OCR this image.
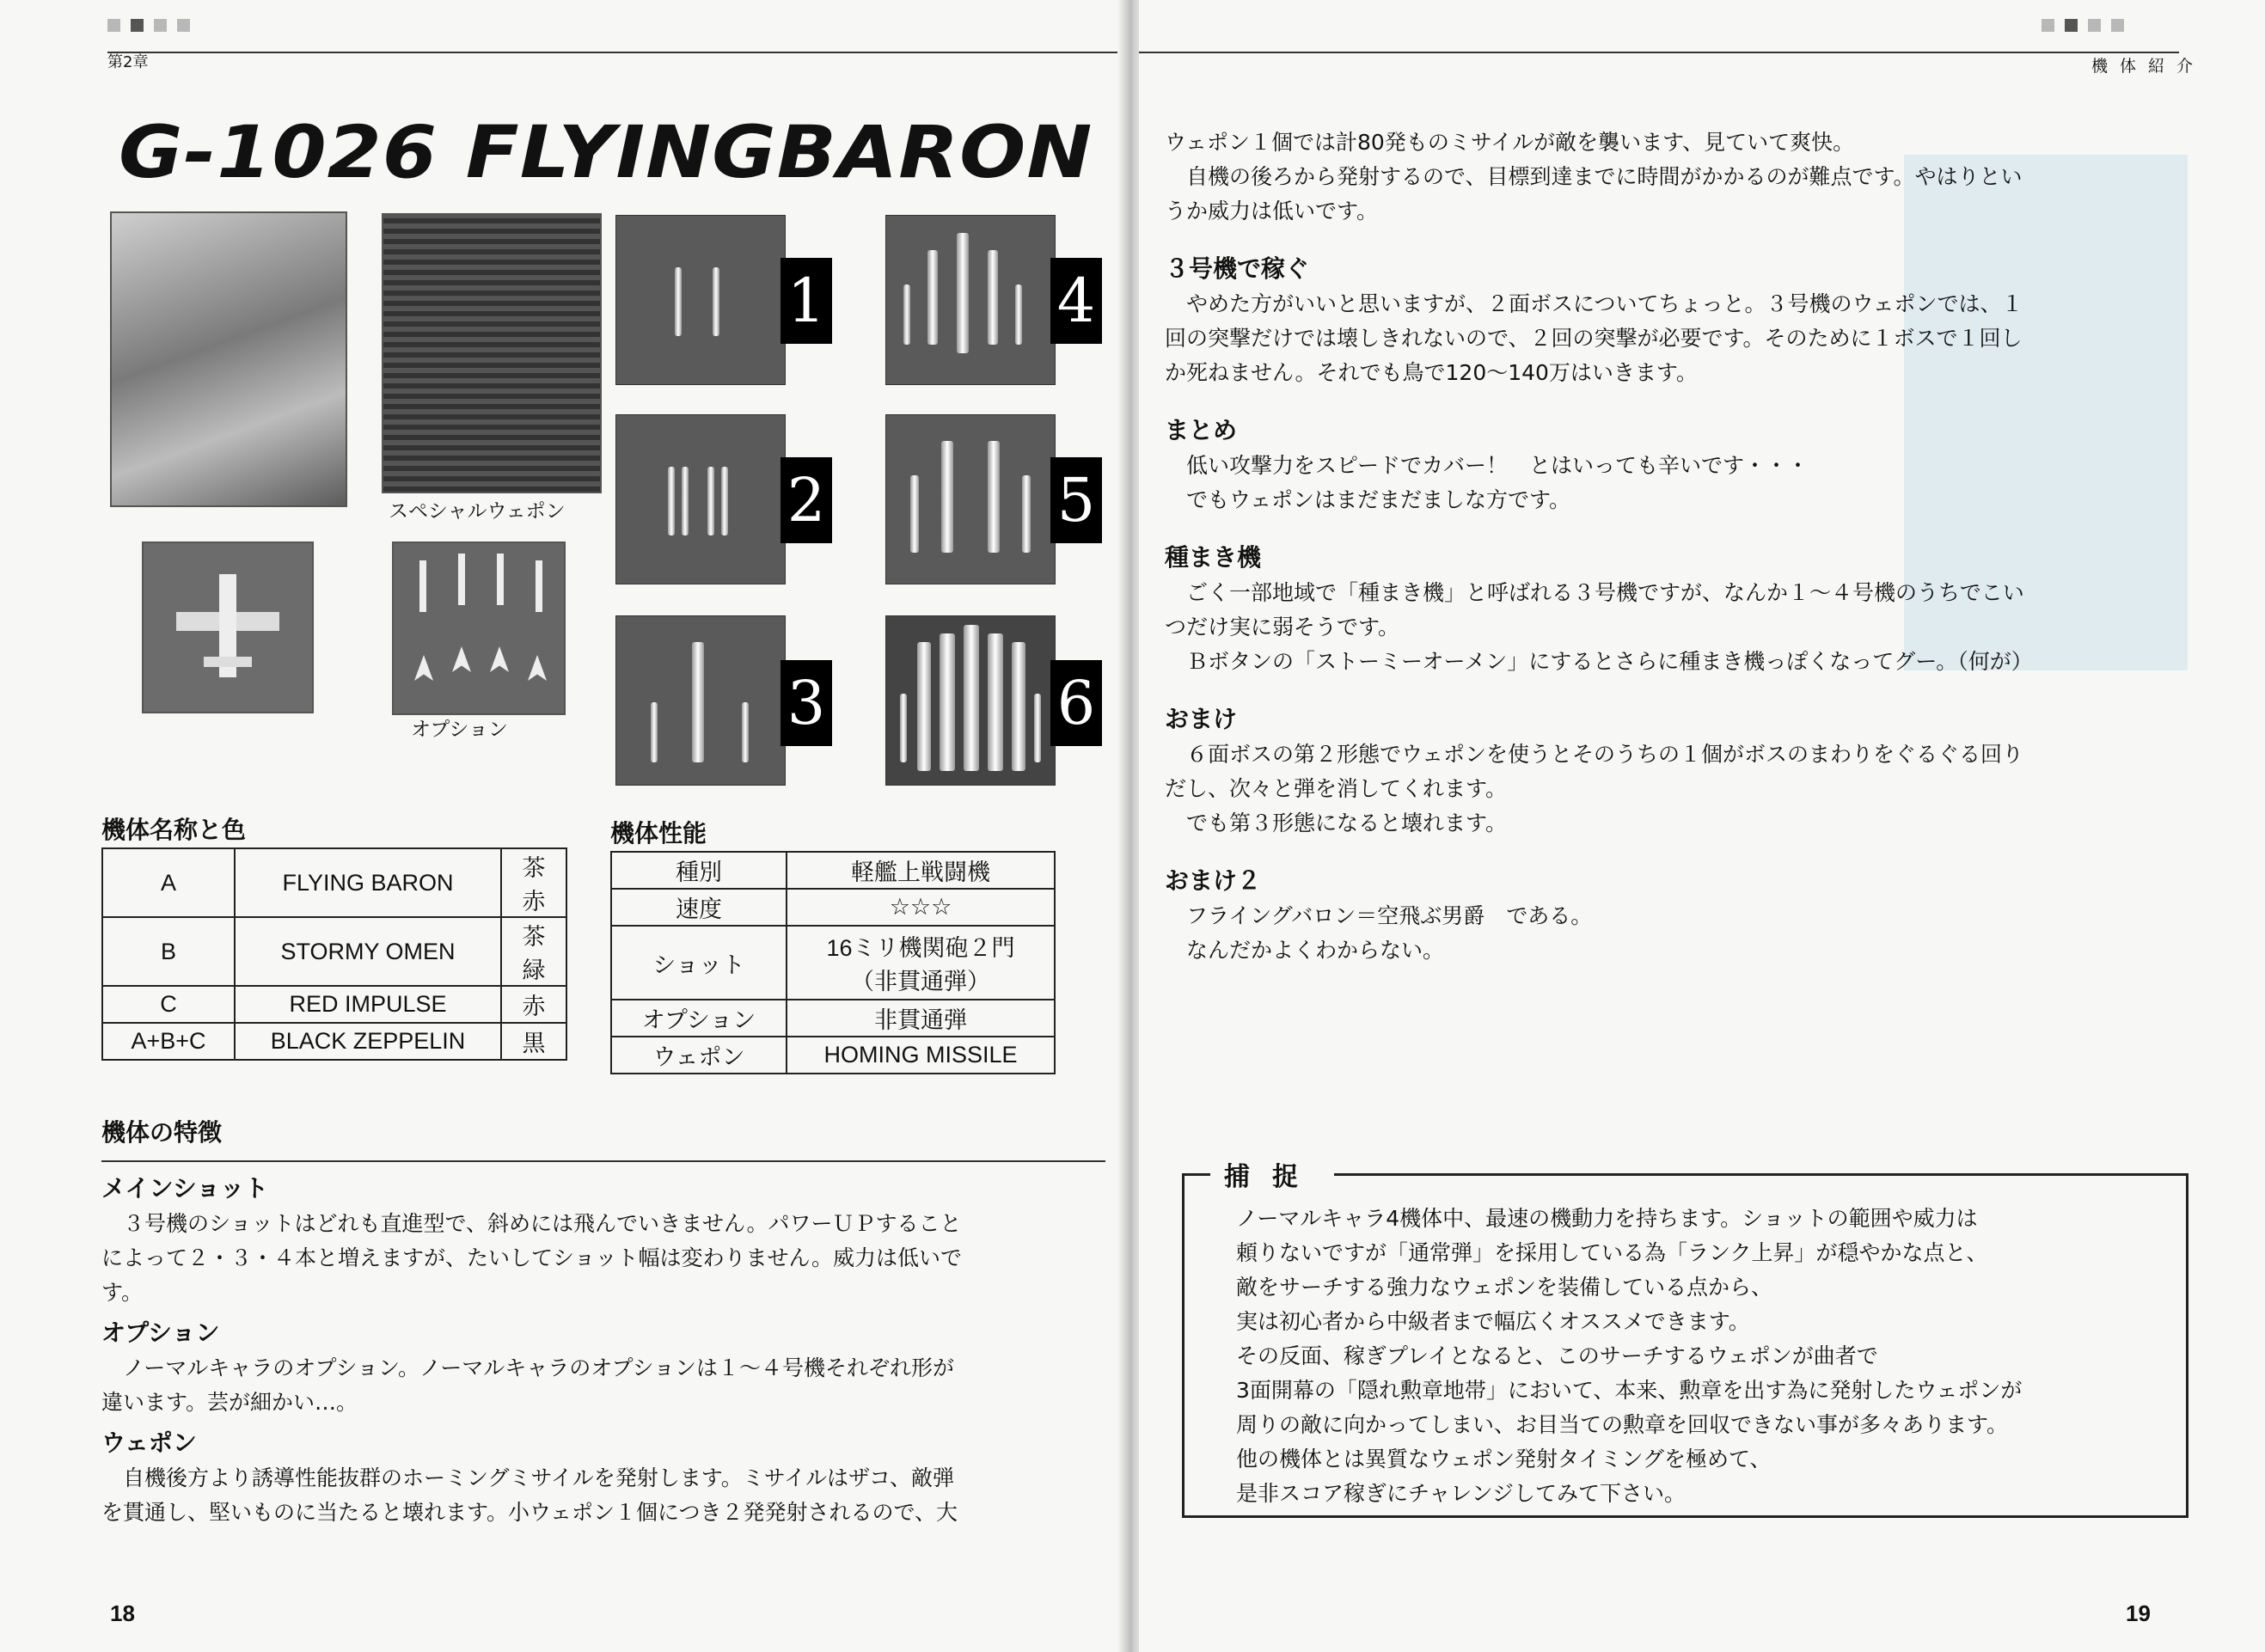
第2章
G-1026 FLYINGBARON
スペシャルウェポン
オプション
1
2
3
4
5
6
機体名称と色
A	FLYING BARON	茶　赤
B	STORMY OMEN	茶　緑
C	RED IMPULSE	赤
A+B+C	BLACK ZEPPELIN	黒
機体性能
種別	軽艦上戦闘機
速度	☆☆☆
ショット	16ミリ機関砲２門
（非貫通弾）

オプション	非貫通弾
ウェポン	HOMING MISSILE
機体の特徴
メインショット

　３号機のショットはどれも直進型で、斜めには飛んでいきません。パワーＵＰすること

によって２・３・４本と増えますが、たいしてショット幅は変わりません。威力は低いで

す。

オプション

　ノーマルキャラのオプション。ノーマルキャラのオプションは１～４号機それぞれ形が

違います。芸が細かい…。

ウェポン

　自機後方より誘導性能抜群のホーミングミサイルを発射します。ミサイルはザコ、敵弾

を貫通し、堅いものに当たると壊れます。小ウェポン１個につき２発発射されるので、大

18
機体紹介

ウェポン１個では計80発ものミサイルが敵を襲います、見ていて爽快。

　自機の後ろから発射するので、目標到達までに時間がかかるのが難点です。やはりとい

うか威力は低いです。

３号機で稼ぐ

　やめた方がいいと思いますが、２面ボスについてちょっと。３号機のウェポンでは、１

回の突撃だけでは壊しきれないので、２回の突撃が必要です。そのために１ボスで１回し

か死ねません。それでも鳥で120～140万はいきます。

まとめ

　低い攻撃力をスピードでカバー！　とはいっても辛いです・・・

　でもウェポンはまだまだましな方です。

種まき機

　ごく一部地域で「種まき機」と呼ばれる３号機ですが、なんか１～４号機のうちでこい

つだけ実に弱そうです。

　Ｂボタンの「ストーミーオーメン」にするとさらに種まき機っぽくなってグー。（何が）

おまけ

　６面ボスの第２形態でウェポンを使うとそのうちの１個がボスのまわりをぐるぐる回り

だし、次々と弾を消してくれます。

　でも第３形態になると壊れます。

おまけ２

　フライングバロン＝空飛ぶ男爵　である。

　なんだかよくわからない。

捕捉

ノーマルキャラ4機体中、最速の機動力を持ちます。ショットの範囲や威力は

頼りないですが「通常弾」を採用している為「ランク上昇」が穏やかな点と、

敵をサーチする強力なウェポンを装備している点から、

実は初心者から中級者まで幅広くオススメできます。

その反面、稼ぎプレイとなると、このサーチするウェポンが曲者で

3面開幕の「隠れ勲章地帯」において、本来、勲章を出す為に発射したウェポンが

周りの敵に向かってしまい、お目当ての勲章を回収できない事が多々あります。

他の機体とは異質なウェポン発射タイミングを極めて、

是非スコア稼ぎにチャレンジしてみて下さい。

19
